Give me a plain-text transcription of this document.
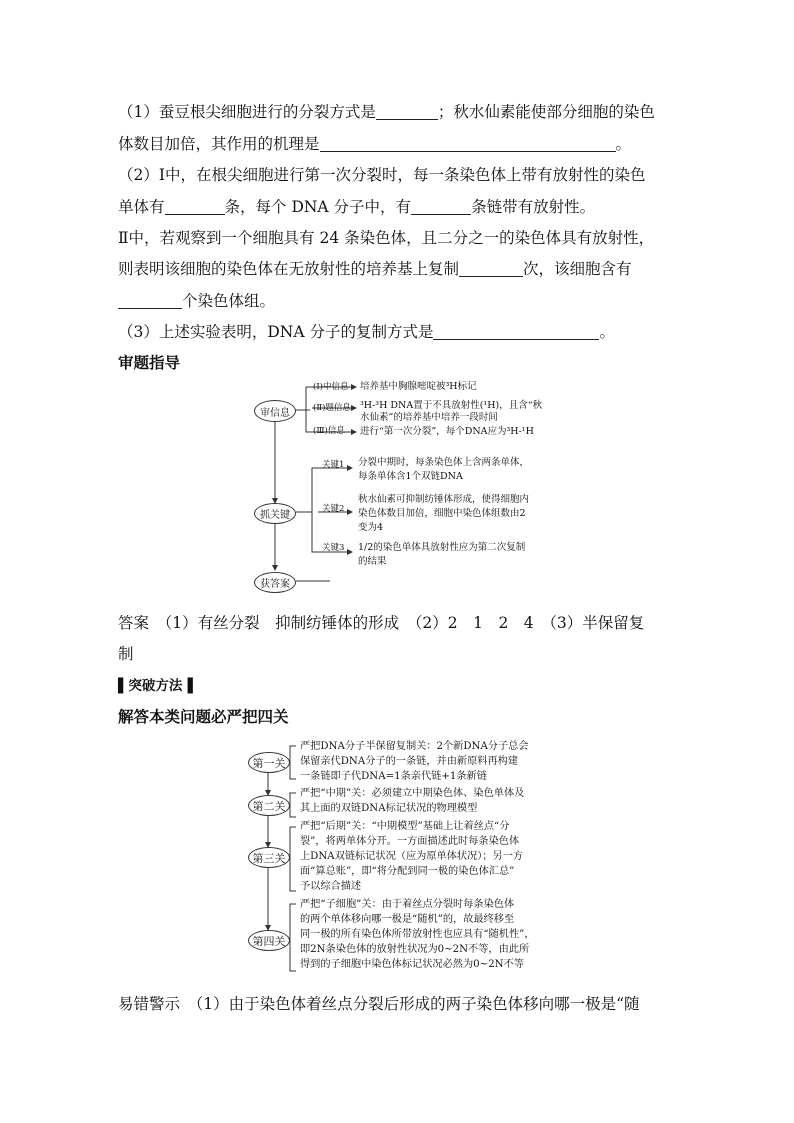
（1）蚕豆根尖细胞进行的分裂方式是	；秋水仙素能使部分细胞的染色
体数目加倍，其作用的机理是	。
（2）Ⅰ中，在根尖细胞进行第一次分裂时，每一条染色体上带有放射性的染色
单体有	条，每个 DNA 分子中，有	条链带有放射性。
Ⅱ中，若观察到一个细胞具有 24 条染色体，且二分之一的染色体具有放射性，
则表明该细胞的染色体在无放射性的培养基上复制	次，该细胞含有
个染色体组。
（3）上述实验表明，DNA 分子的复制方式是	。
审题指导
审信息
抓关键
获答案
(Ⅰ)中信息
(Ⅱ)题信息
(Ⅲ)信息
培养基中胸腺嘧啶被³H标记
³H-³H DNA置于不具放射性(¹H)，且含“秋
水仙素”的培养基中培养一段时间
进行“第一次分裂”，每个DNA应为³H-¹H
关键1
关键2
关键3
分裂中期时，每条染色体上含两条单体，
每条单体含1个双链DNA
秋水仙素可抑制纺锤体形成，使得细胞内
染色体数目加倍，细胞中染色体组数由2
变为4
1/2的染色单体具放射性应为第二次复制
的结果
答案　（1）有丝分裂　抑制纺锤体的形成　（2）2　1　2　4　（3）半保留复
制
▌突破方法▐
解答本类问题必严把四关
第一关
第二关
第三关
第四关
严把DNA分子半保留复制关：2个新DNA分子总会
保留亲代DNA分子的一条链，并由新原料再构建
一条链即子代DNA=1条亲代链+1条新链
严把“中期”关：必须建立中期染色体、染色单体及
其上面的双链DNA标记状况的物理模型
严把“后期”关：“中期模型”基础上让着丝点“分
裂”，将两单体分开。一方面描述此时每条染色体
上DNA双链标记状况（应为原单体状况）；另一方
面“算总账”，即“将分配到同一极的染色体汇总”
予以综合描述
严把“子细胞”关：由于着丝点分裂时每条染色体
的两个单体移向哪一极是“随机”的，故最终移至
同一极的所有染色体所带放射性也应具有“随机性”，
即2N条染色体的放射性状况为0~2N不等，由此所
得到的子细胞中染色体标记状况必然为0~2N不等
易错警示　（1）由于染色体着丝点分裂后形成的两子染色体移向哪一极是“随
